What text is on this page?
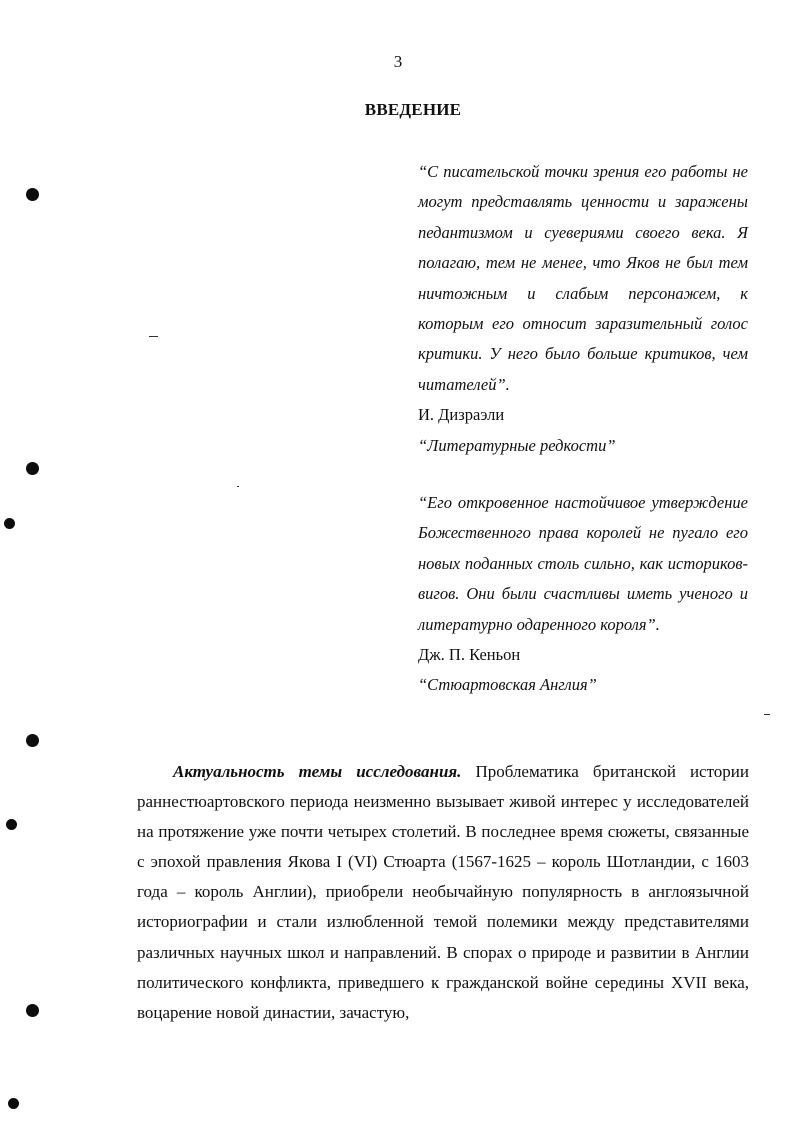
3
ВВЕДЕНИЕ
“С писательской точки зрения его работы не могут представлять ценности и заражены педантизмом и суевериями своего века. Я полагаю, тем не менее, что Яков не был тем ничтожным и слабым персонажем, к которым его относит заразительный голос критики. У него было больше критиков, чем читателей”.
И. Дизраэли
“Литературные редкости”
“Его откровенное настойчивое утверждение Божественного права королей не пугало его новых поданных столь сильно, как историков-вигов. Они были счастливы иметь ученого и литературно одаренного короля”.
Дж. П. Кеньон
“Стюартовская Англия”

Актуальность темы исследования. Проблематика британской истории раннестюартовского периода неизменно вызывает живой интерес у исследователей на протяжение уже почти четырех столетий. В последнее время сюжеты, связанные с эпохой правления Якова I (VI) Стюарта (1567-1625 – король Шотландии, с 1603 года – король Англии), приобрели необычайную популярность в англоязычной историографии и стали излюбленной темой полемики между представителями различных научных школ и направлений. В спорах о природе и развитии в Англии политического конфликта, приведшего к гражданской войне середины XVII века, воцарение новой династии, зачастую,
